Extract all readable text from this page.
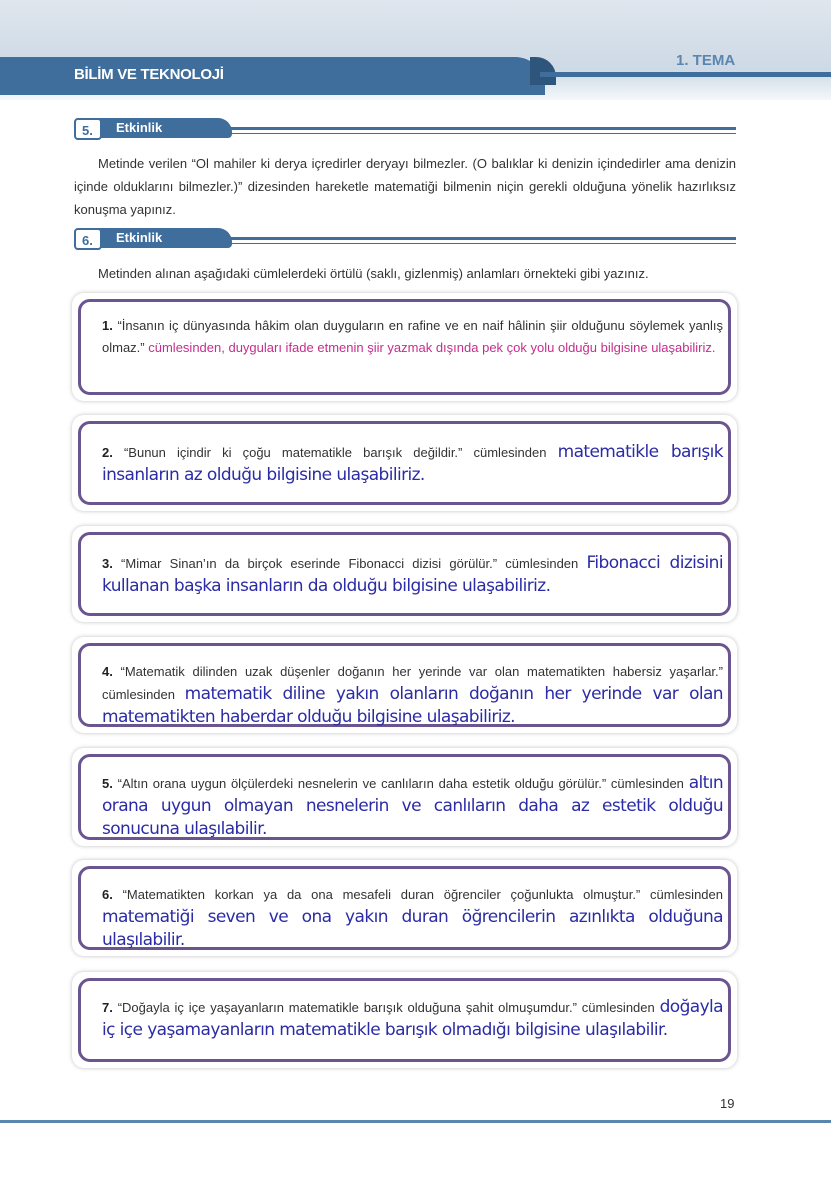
BİLİM VE TEKNOLOJİ
1. TEMA
Etkinlik
5.
Metinde verilen “Ol mahiler ki derya içredirler deryayı bilmezler. (O balıklar ki denizin içindedirler ama denizin içinde olduklarını bilmezler.)” dizesinden hareketle matematiği bilmenin niçin gerekli olduğuna yönelik hazırlıksız konuşma yapınız.
Etkinlik
6.
Metinden alınan aşağıdaki cümlelerdeki örtülü (saklı, gizlenmiş) anlamları örnekteki gibi yazınız.
1. “İnsanın iç dünyasında hâkim olan duyguların en rafine ve en naif hâlinin şiir olduğunu söylemek yanlış olmaz.” cümlesinden, duyguları ifade etmenin şiir yazmak dışında pek çok yolu olduğu bilgisine ulaşabiliriz.
2. “Bunun içindir ki çoğu matematikle barışık değildir.” cümlesinden matematikle barışık insanların az olduğu bilgisine ulaşabiliriz.
3. “Mimar Sinan’ın da birçok eserinde Fibonacci dizisi görülür.” cümlesinden Fibonacci dizisini kullanan başka insanların da olduğu bilgisine ulaşabiliriz.
4. “Matematik dilinden uzak düşenler doğanın her yerinde var olan matematikten habersiz yaşarlar.” cümlesinden matematik diline yakın olanların doğanın her yerinde var olan matematikten haberdar olduğu bilgisine ulaşabiliriz.
5. “Altın orana uygun ölçülerdeki nesnelerin ve canlıların daha estetik olduğu görülür.” cümlesinden altın orana uygun olmayan nesnelerin ve canlıların daha az estetik olduğu sonucuna ulaşılabilir.
6. “Matematikten korkan ya da ona mesafeli duran öğrenciler çoğunlukta olmuştur.” cümlesinden matematiği seven ve ona yakın duran öğrencilerin azınlıkta olduğuna ulaşılabilir.
7. “Doğayla iç içe yaşayanların matematikle barışık olduğuna şahit olmuşumdur.” cümlesinden doğayla iç içe yaşamayanların matematikle barışık olmadığı bilgisine ulaşılabilir.
19
